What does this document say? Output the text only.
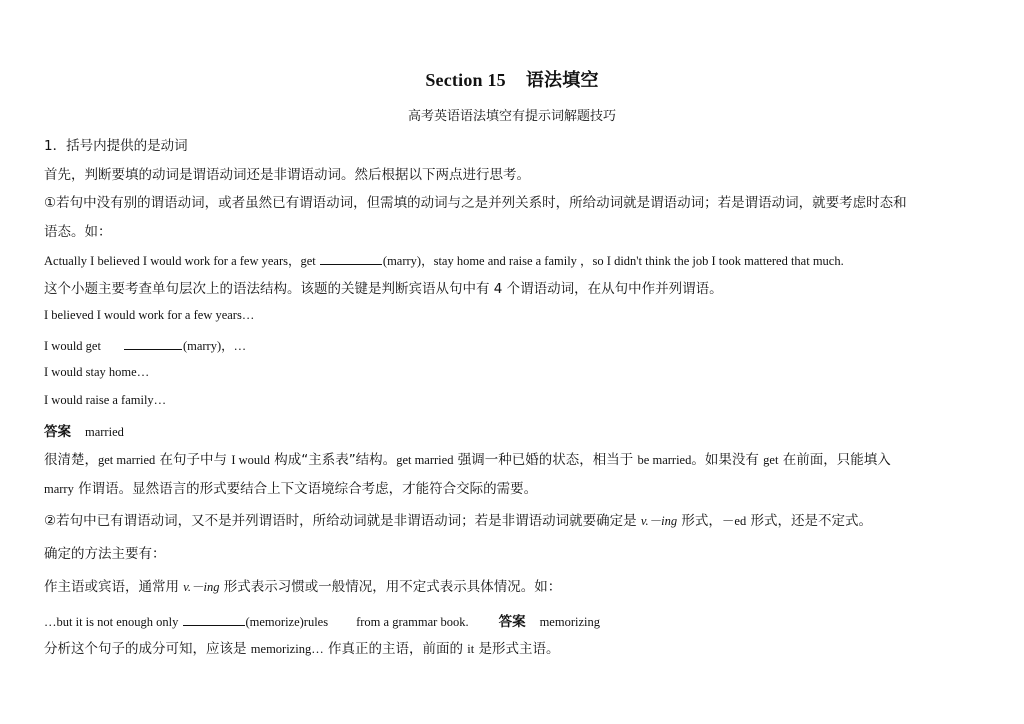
Section 15 语法填空
高考英语语法填空有提示词解题技巧
1．括号内提供的是动词
首先，判断要填的动词是谓语动词还是非谓语动词。然后根据以下两点进行思考。
①若句中没有别的谓语动词，或者虽然已有谓语动词，但需填的动词与之是并列关系时，所给动词就是谓语动词；若是谓语动词，就要考虑时态和
语态。如：
Actually I believed I would work for a few years，get	(marry)，stay home and raise a family ，so I didn't think the job I took mattered that much.
这个小题主要考查单句层次上的语法结构。该题的关键是判断宾语从句中有 4 个谓语动词，在从句中作并列谓语。
I believed I would work for a few years…
I would get	(marry)，…
I would stay home…
I would raise a family…
答案 married
很清楚，get married 在句子中与 I would 构成“主系表”结构。get married 强调一种已婚的状态，相当于 be married。如果没有 get 在前面，只能填入
marry 作谓语。显然语言的形式要结合上下文语境综合考虑，才能符合交际的需要。
②若句中已有谓语动词，又不是并列谓语时，所给动词就是非谓语动词；若是非谓语动词就要确定是 v.－ing 形式，－ed 形式，还是不定式。
确定的方法主要有：
作主语或宾语，通常用 v.－ing 形式表示习惯或一般情况，用不定式表示具体情况。如：
…but it is not enough only	(memorize)rules from a grammar book. 答案 memorizing
分析这个句子的成分可知，应该是 memorizing… 作真正的主语，前面的 it 是形式主语。
